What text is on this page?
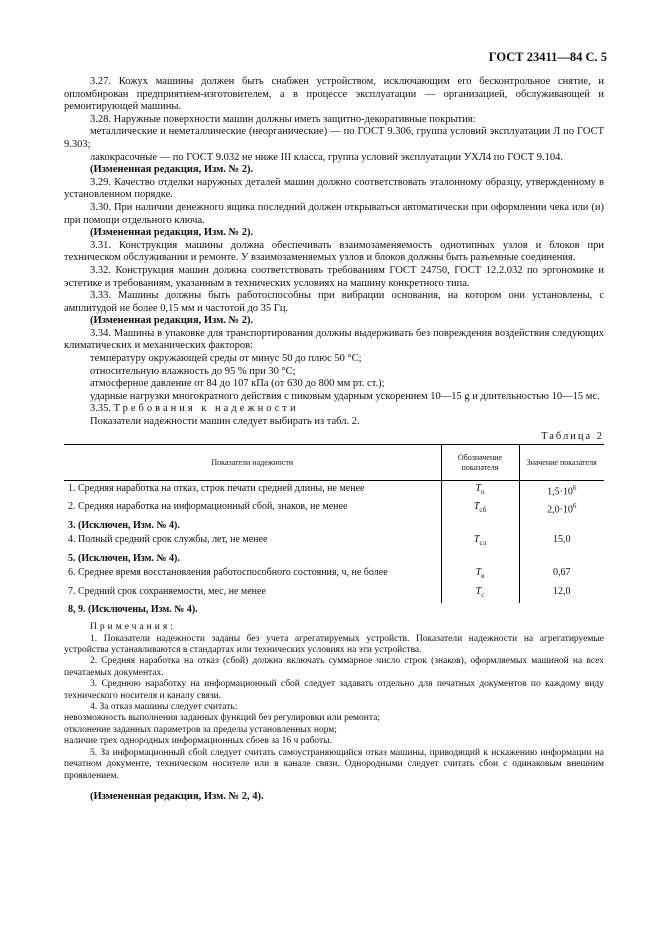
ГОСТ 23411—84 С. 5

3.27. Кожух машины должен быть снабжен устройством, исключающим его бесконтрольное снятие, и опломбирован предприятием-изготовителем, а в процессе эксплуатации — организацией, обслуживающей и ремонтирующей машины.

3.28. Наружные поверхности машин должны иметь защитно-декоративные покрытия:

металлические и неметаллические (неорганические) — по ГОСТ 9.306, группа условий эксплуатации Л по ГОСТ 9.303;

лакокрасочные — по ГОСТ 9.032 не ниже III класса, группа условий эксплуатации УХЛ4 по ГОСТ 9.104.

(Измененная редакция, Изм. № 2).

3.29. Качество отделки наружных деталей машин должно соответствовать эталонному образцу, утвержденному в установленном порядке.

3.30. При наличии денежного ящика последний должен открываться автоматически при оформлении чека или (и) при помощи отдельного ключа.

(Измененная редакция, Изм. № 2).

3.31. Конструкция машины должна обеспечивать взаимозаменяемость однотипных узлов и блоков при техническом обслуживании и ремонте. У взаимозаменяемых узлов и блоков должны быть разъемные соединения.

3.32. Конструкция машин должна соответствовать требованиям ГОСТ 24750, ГОСТ 12.2.032 по эргономике и эстетике и требованиям, указанным в технических условиях на машину конкретного типа.

3.33. Машины должны быть работоспособны при вибрации основания, на котором они установлены, с амплитудой не более 0,15 мм и частотой до 35 Гц.

(Измененная редакция, Изм. № 2).

3.34. Машины в упаковке для транспортирования должны выдерживать без повреждения воздействия следующих климатических и механических факторов:

температуру окружающей среды от минус 50 до плюс 50 °С;

относительную влажность до 95 % при 30 °С;

атмосферное давление от 84 до 107 кПа (от 630 до 800 мм рт. ст.);

ударные нагрузки многократного действия с пиковым ударным ускорением 10—15 g и длительностью 10—15 мс.

3.35. Требования к надежности

Показатели надежности машин следует выбирать из табл. 2.

Таблица 2
Показатели надежности	Обозначение показателя	Значение показателя
1. Средняя наработка на отказ, строк печати средней длины, не менее	$Т_о$	$1,5\cdot 10^6$
2. Средняя наработка на информационный сбой, знаков, не менее	$Т_{сб}$	$2,0\cdot 10^6$
3. (Исключен, Изм. № 4).		
4. Полный средний срок службы, лет, не менее	$Т_{сл}$	15,0
5. (Исключен, Изм. № 4).		
6. Среднее время восстановления работоспособного состояния, ч, не более	$Т_в$	0,67
7. Средний срок сохраняемости, мес, не менее	$Т_с$	12,0
8, 9. (Исключены, Изм. № 4).		

Примечания:

1. Показатели надежности заданы без учета агрегатируемых устройств. Показатели надежности на агрегатируемые устройства устанавливаются в стандартах или технических условиях на эти устройства.

2. Средняя наработка на отказ (сбой) должна включать суммарное число строк (знаков), оформляемых машиной на всех печатаемых документах.

3. Среднюю наработку на информационный сбой следует задавать отдельно для печатных документов по каждому виду технического носителя и каналу связи.

4. За отказ машины следует считать:

невозможность выполнения заданных функций без регулировки или ремонта;

отклонение заданных параметров за пределы установленных норм;

наличие трех однородных информационных сбоев за 16 ч работы.

5. За информационный сбой следует считать самоустраняющийся отказ машины, приводящий к искажению информации на печатном документе, техническом носителе или в канале связи. Однородными следует считать сбои с одинаковым внешним проявлением.

(Измененная редакция, Изм. № 2, 4).
